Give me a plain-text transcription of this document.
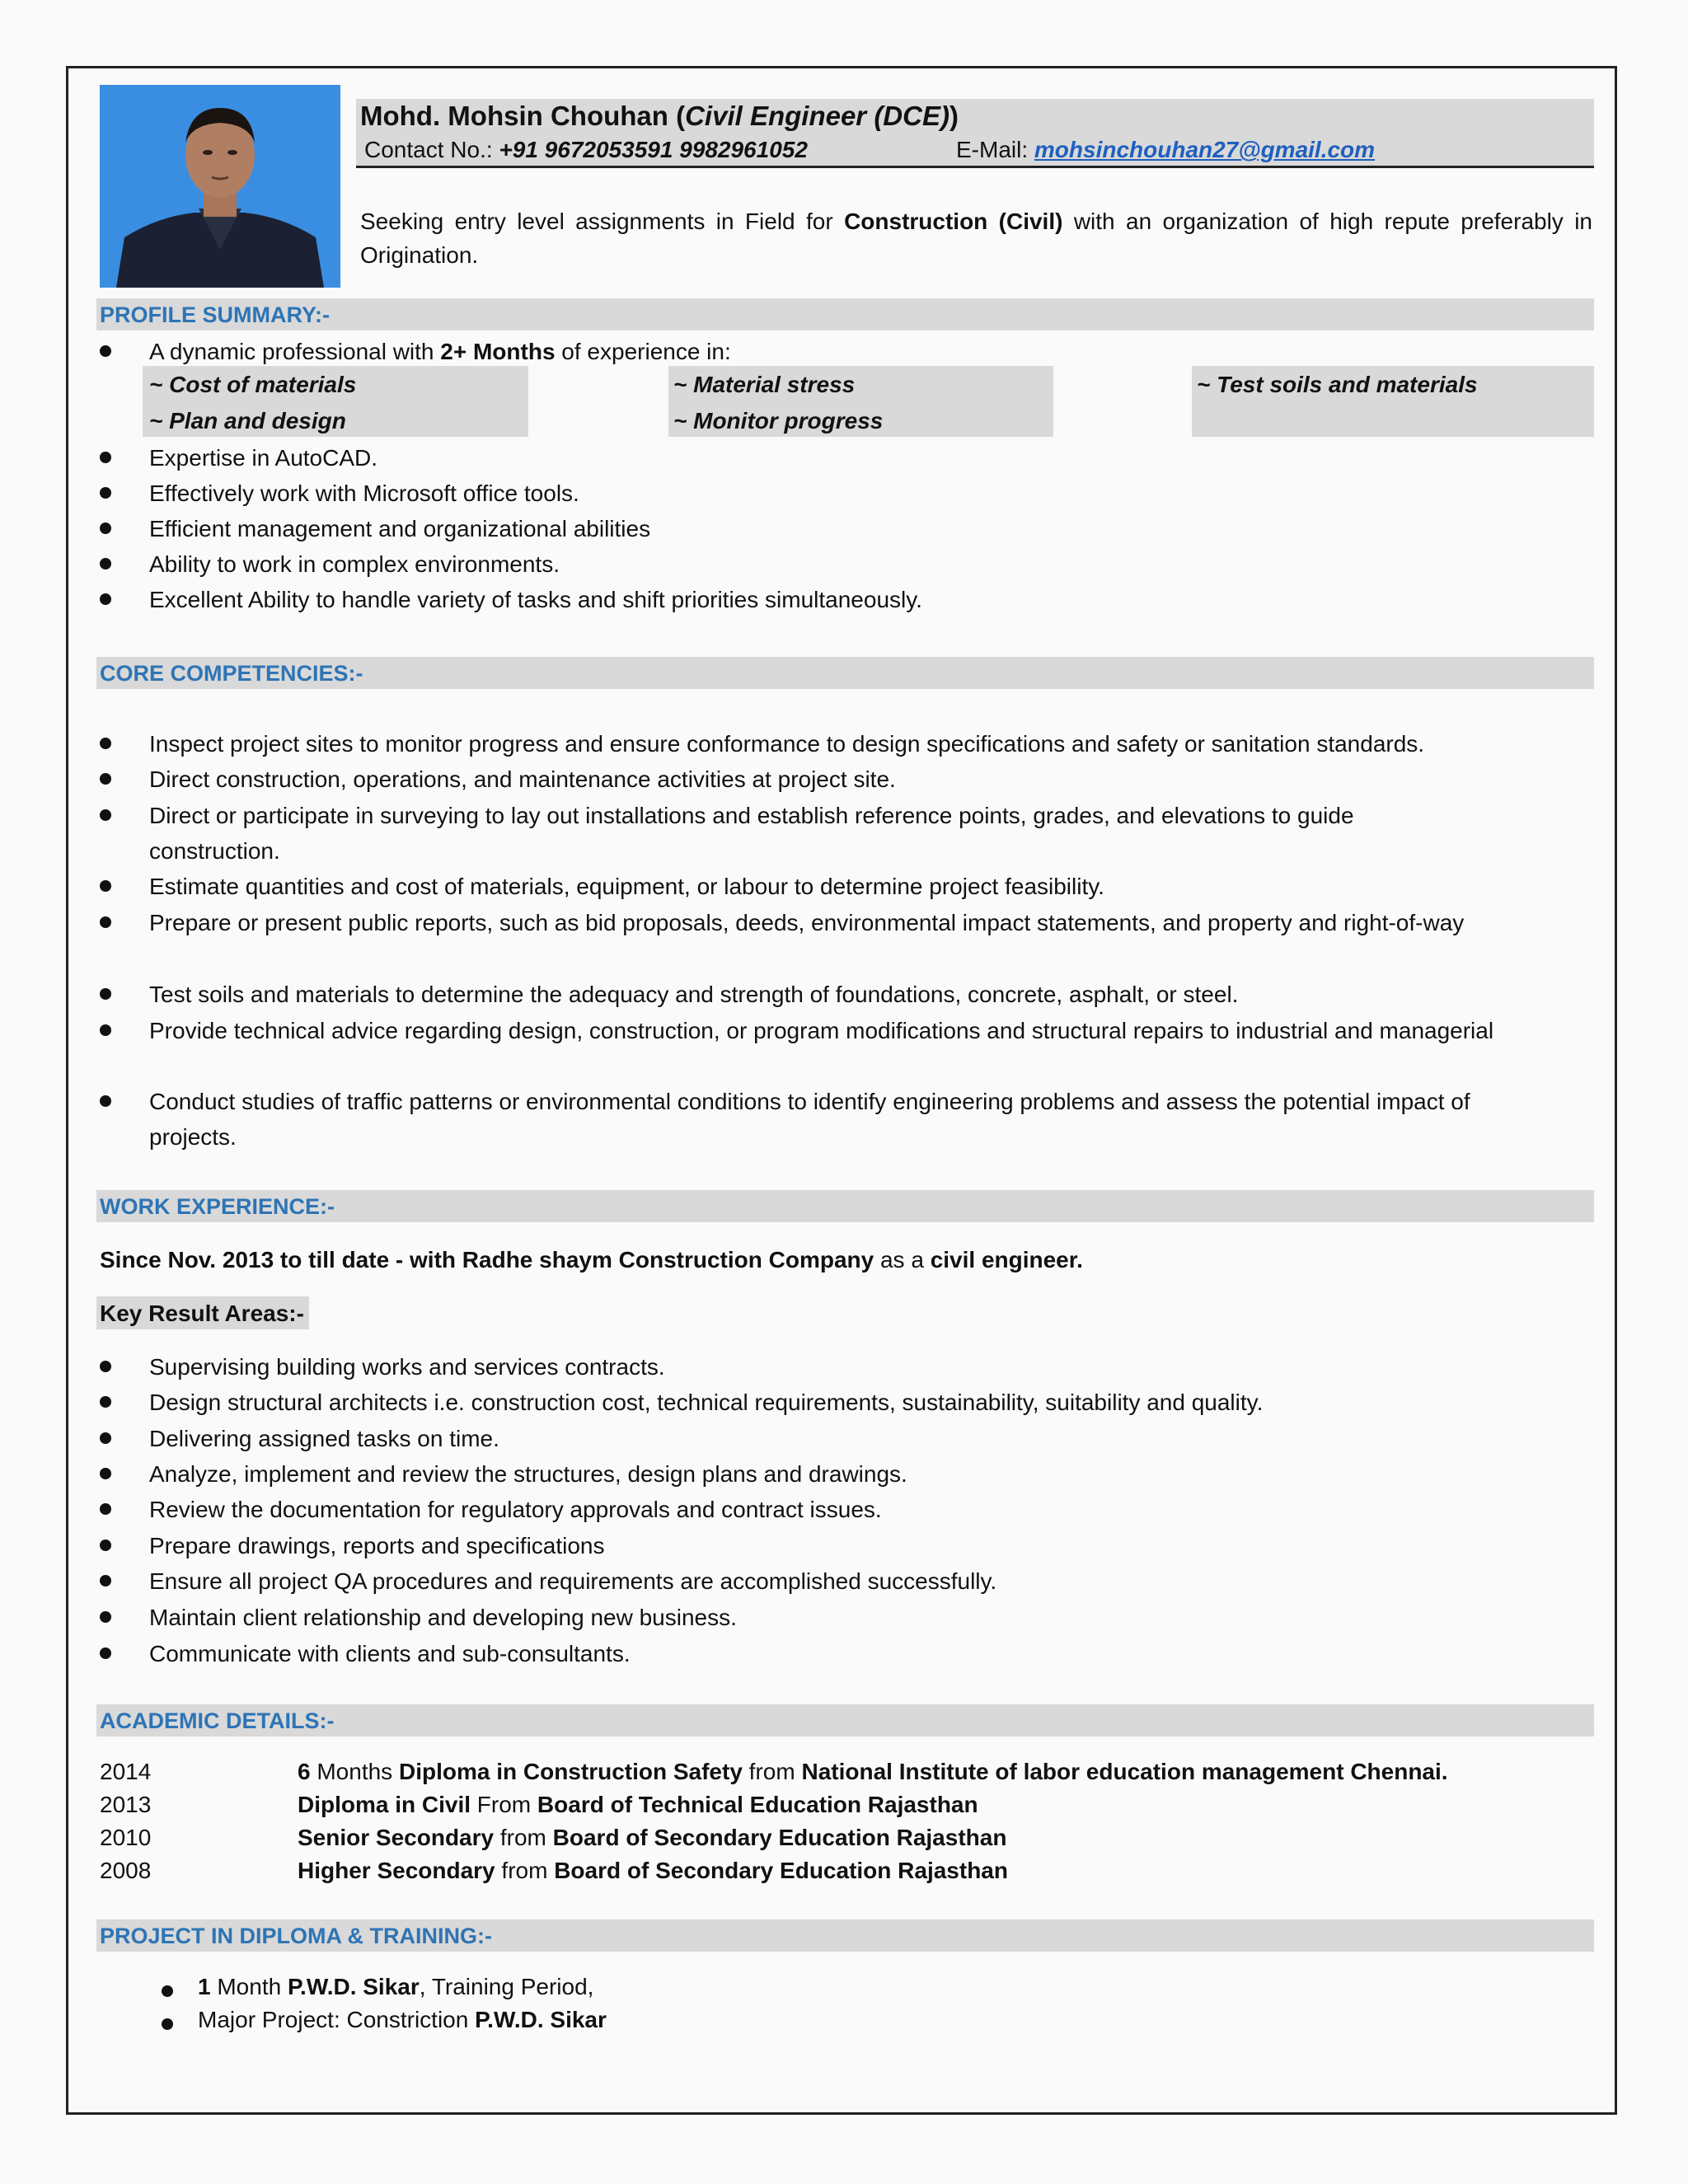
Mohd. Mohsin Chouhan (Civil Engineer (DCE))
Contact No.: +91 9672053591 9982961052	E-Mail: mohsinchouhan27@gmail.com
Seeking entry level assignments in Field for Construction (Civil) with an organization of high repute preferably in Origination.
PROFILE SUMMARY:-
A dynamic professional with 2+ Months of experience in:
~ Cost of materials
~ Plan and design
~ Material stress
~ Monitor progress
~ Test soils and materials
Expertise in AutoCAD.
Effectively work with Microsoft office tools.
Efficient management and organizational abilities
Ability to work in complex environments.
Excellent Ability to handle variety of tasks and shift priorities simultaneously.
CORE COMPETENCIES:-
Inspect project sites to monitor progress and ensure conformance to design specifications and safety or sanitation standards.
Direct construction, operations, and maintenance activities at project site.
Direct or participate in surveying to lay out installations and establish reference points, grades, and elevations to guide construction.
Estimate quantities and cost of materials, equipment, or labour to determine project feasibility.
Prepare or present public reports, such as bid proposals, deeds, environmental impact statements, and property and right-of-way
Test soils and materials to determine the adequacy and strength of foundations, concrete, asphalt, or steel.
Provide technical advice regarding design, construction, or program modifications and structural repairs to industrial and managerial
Conduct studies of traffic patterns or environmental conditions to identify engineering problems and assess the potential impact of projects.
WORK EXPERIENCE:-
Since Nov. 2013 to till date - with Radhe shaym Construction Company as a civil engineer.
Key Result Areas:-
Supervising building works and services contracts.
Design structural architects i.e. construction cost, technical requirements, sustainability, suitability and quality.
Delivering assigned tasks on time.
Analyze, implement and review the structures, design plans and drawings.
Review the documentation for regulatory approvals and contract issues.
Prepare drawings, reports and specifications
Ensure all project QA procedures and requirements are accomplished successfully.
Maintain client relationship and developing new business.
Communicate with clients and sub-consultants.
ACADEMIC DETAILS:-
2014	6 Months Diploma in Construction Safety from National Institute of labor education management Chennai.
2013	Diploma in Civil From Board of Technical Education Rajasthan
2010	Senior Secondary from Board of Secondary Education Rajasthan
2008	Higher Secondary from Board of Secondary Education Rajasthan
PROJECT IN DIPLOMA & TRAINING:-
1 Month P.W.D. Sikar, Training Period,
Major Project: Constriction P.W.D. Sikar
